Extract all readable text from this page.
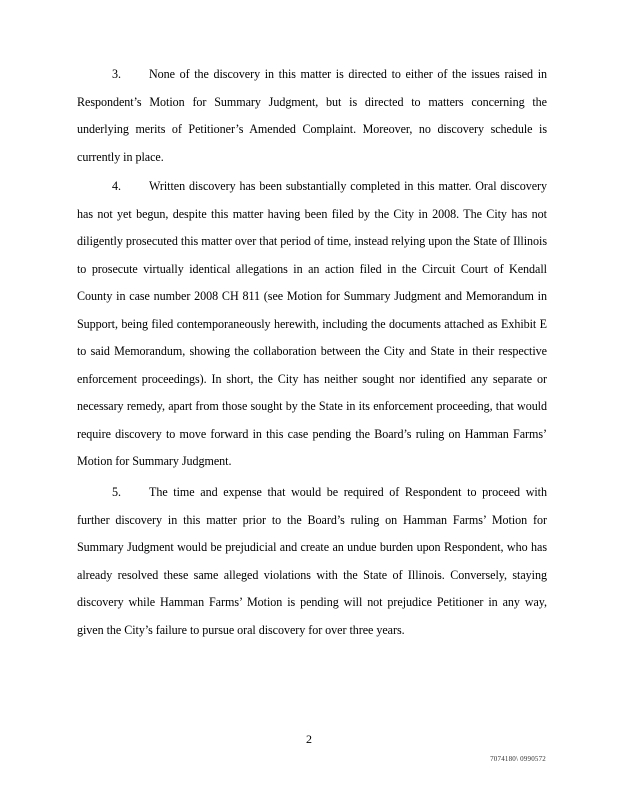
3. None of the discovery in this matter is directed to either of the issues raised in Respondent’s Motion for Summary Judgment, but is directed to matters concerning the underlying merits of Petitioner’s Amended Complaint. Moreover, no discovery schedule is currently in place.

4. Written discovery has been substantially completed in this matter. Oral discovery has not yet begun, despite this matter having been filed by the City in 2008. The City has not diligently prosecuted this matter over that period of time, instead relying upon the State of Illinois to prosecute virtually identical allegations in an action filed in the Circuit Court of Kendall County in case number 2008 CH 811 (see Motion for Summary Judgment and Memorandum in Support, being filed contemporaneously herewith, including the documents attached as Exhibit E to said Memorandum, showing the collaboration between the City and State in their respective enforcement proceedings). In short, the City has neither sought nor identified any separate or necessary remedy, apart from those sought by the State in its enforcement proceeding, that would require discovery to move forward in this case pending the Board’s ruling on Hamman Farms’ Motion for Summary Judgment.

5. The time and expense that would be required of Respondent to proceed with further discovery in this matter prior to the Board’s ruling on Hamman Farms’ Motion for Summary Judgment would be prejudicial and create an undue burden upon Respondent, who has already resolved these same alleged violations with the State of Illinois. Conversely, staying discovery while Hamman Farms’ Motion is pending will not prejudice Petitioner in any way, given the City’s failure to pursue oral discovery for over three years.

2
7074180\ 0990572
